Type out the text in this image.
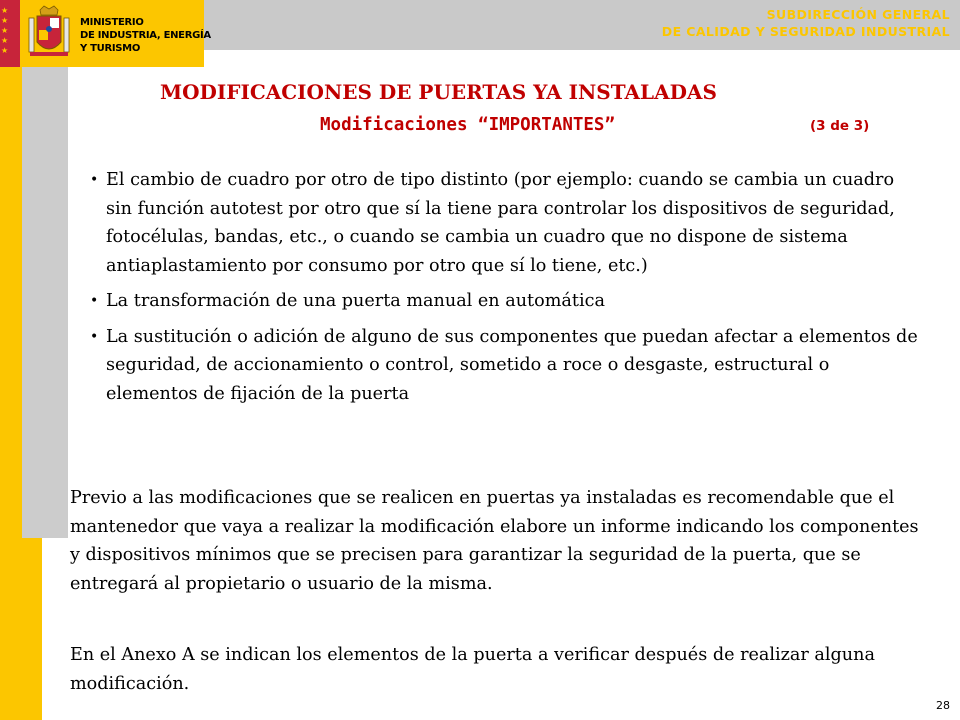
★
★
★
★
★
MINISTERIO
DE INDUSTRIA, ENERGÍA
Y TURISMO
SUBDIRECCIÓN GENERAL
DE CALIDAD Y SEGURIDAD INDUSTRIAL
MODIFICACIONES DE PUERTAS YA INSTALADAS
Modificaciones “IMPORTANTES”	(3 de 3)
• El cambio de cuadro por otro de tipo distinto (por ejemplo: cuando se cambia un cuadro sin función autotest por otro que sí la tiene para controlar los dispositivos de seguridad, fotocélulas, bandas, etc., o cuando se cambia un cuadro que no dispone de sistema antiaplastamiento por consumo por otro que sí lo tiene, etc.)
• La transformación de una puerta manual en automática
• La sustitución o adición de alguno de sus componentes que puedan afectar a elementos de seguridad, de accionamiento o control, sometido a roce o desgaste, estructural o elementos de fijación de la puerta
Previo a las modificaciones que se realicen en puertas ya instaladas es recomendable que el mantenedor que vaya a realizar la modificación elabore un informe indicando los componentes y dispositivos mínimos que se precisen para garantizar la seguridad de la puerta, que se entregará al propietario o usuario de la misma.
En el Anexo A se indican los elementos de la puerta a verificar después de realizar alguna modificación.
28
